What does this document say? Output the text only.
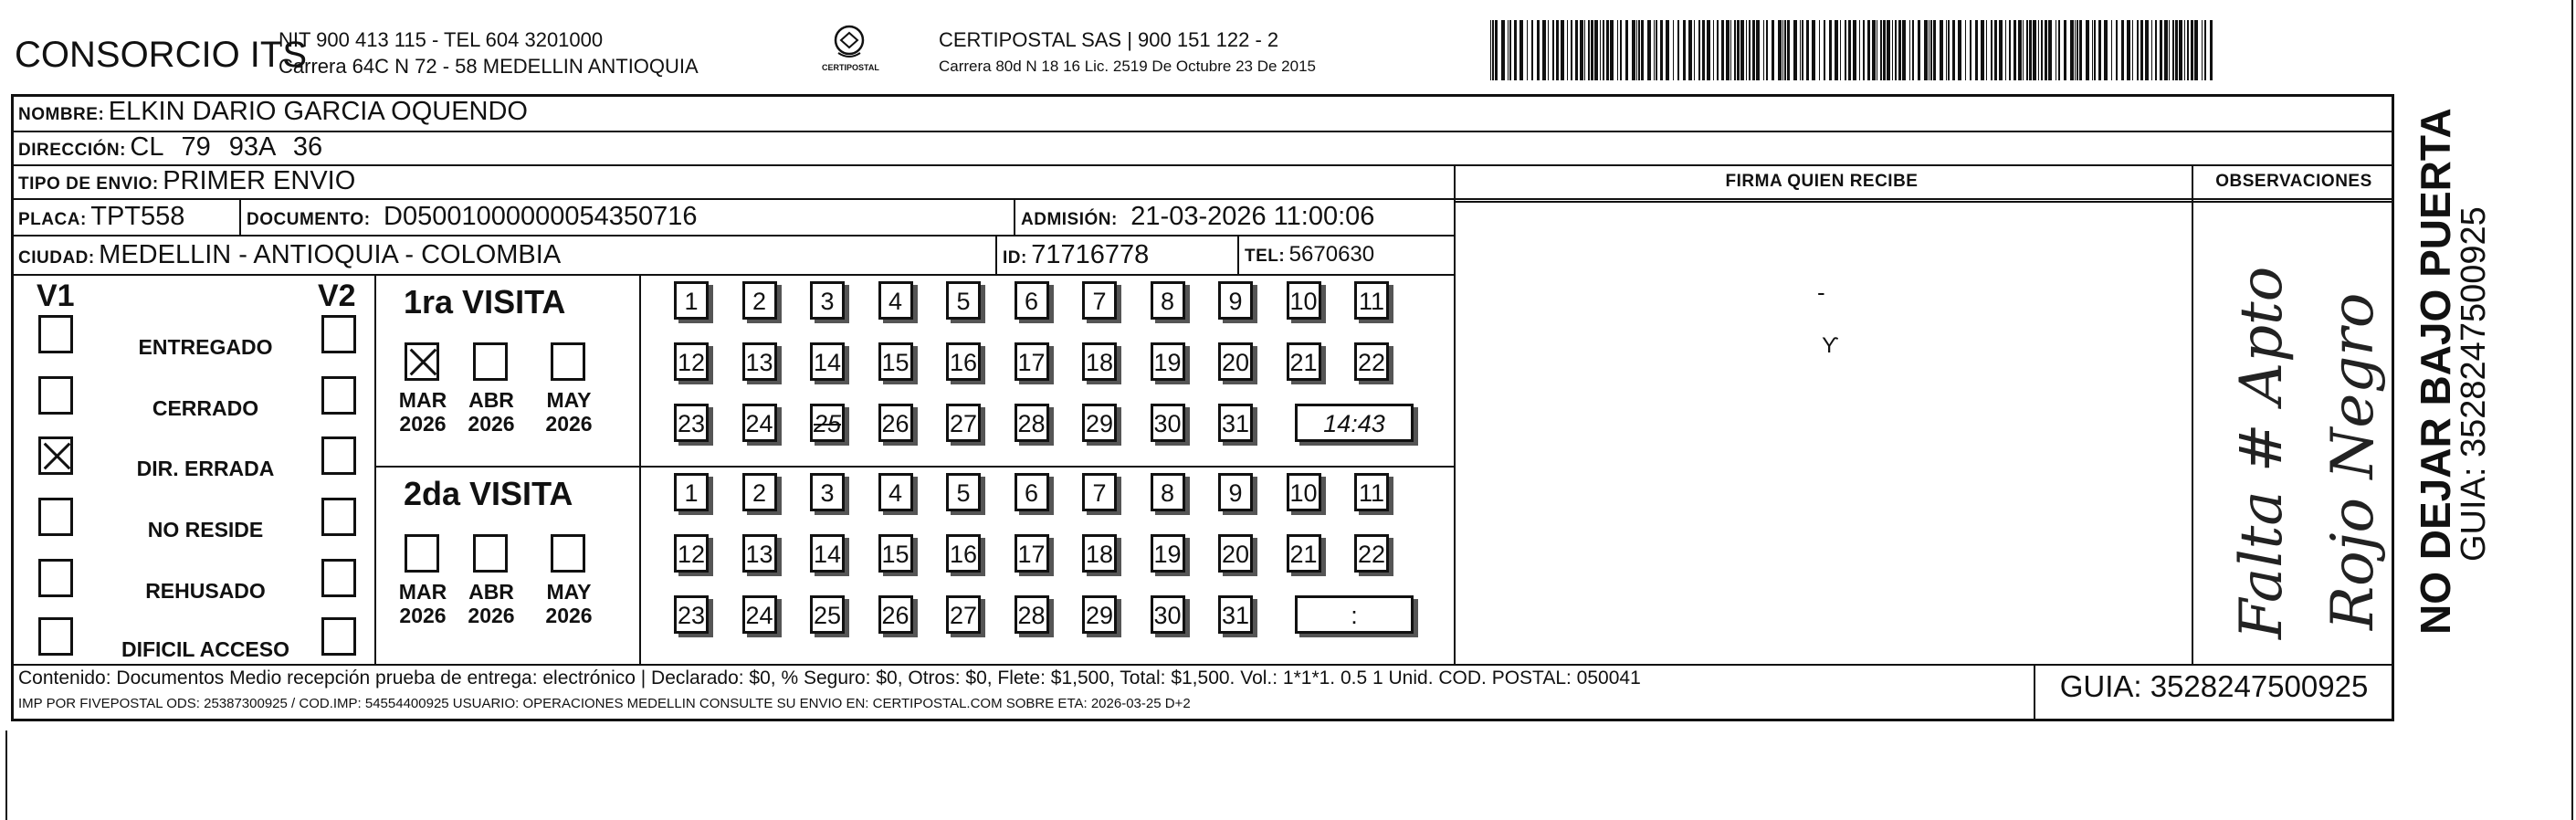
CONSORCIO ITS
NIT 900 413 115 - TEL 604 3201000
Carrera 64C N 72 - 58 MEDELLIN ANTIOQUIA	CERTIPOSTAL
CERTIPOSTAL SAS | 900 151 122 - 2
Carrera 80d N 18 16 Lic. 2519 De Octubre 23 De 2015
NOMBRE: ELKIN DARIO GARCIA OQUENDO
DIRECCIÓN: CL 79 93A 36
TIPO DE ENVIO: PRIMER ENVIO	FIRMA QUIEN RECIBE	OBSERVACIONES
PLACA: TPT558	DOCUMENTO: D05001000000054350716	ADMISIÓN: 21-03-2026 11:00:06
CIUDAD: MEDELLIN - ANTIOQUIA - COLOMBIA	ID: 71716778	TEL: 5670630
V1	V2
ENTREGADO
CERRADO
DIR. ERRADA
NO RESIDE
REHUSADO
DIFICIL ACCESO
1ra VISITA
2da VISITA
MAR
2026
ABR
2026
MAY
2026
1	2	3	4	5	6	7	8	9	10 11
12 13 14 15 16 17 18 19 20 21 22
23 24 25 26 27 28 29 30 31	14:43
MAR
2026
ABR
2026
MAY
2026
1	2	3	4	5	6	7	8	9	10 11
12 13 14 15 16 17 18 19 20 21 22
23 24 25 26 27 28 29 30 31	:
-
ϒ	Falta # Apto Rojo Negro
Contenido: Documentos Medio recepción prueba de entrega: electrónico | Declarado: $0, % Seguro: $0, Otros: $0, Flete: $1,500, Total: $1,500. Vol.: 1*1*1. 0.5 1 Unid. COD. POSTAL: 050041
IMP POR FIVEPOSTAL ODS: 25387300925 / COD.IMP: 54554400925 USUARIO: OPERACIONES MEDELLIN CONSULTE SU ENVIO EN: CERTIPOSTAL.COM SOBRE ETA: 2026-03-25 D+2
GUIA: 3528247500925
NO DEJAR BAJO PUERTA
GUIA: 3528247500925
